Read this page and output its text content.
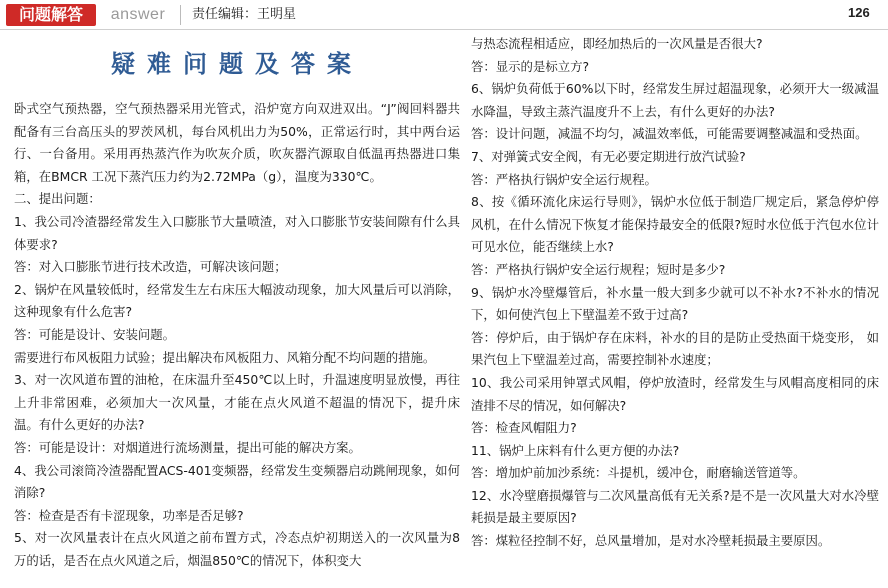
问题解答	answer	责任编辑：王明星	126
疑难问题及答案

卧式空气预热器，空气预热器采用光管式，沿炉宽方向双进双出。“J”阀回料器共配备有三台高压头的罗茨风机，每台风机出力为50%，正常运行时，其中两台运行、一台备用。采用再热蒸汽作为吹灰介质，吹灰器汽源取自低温再热器进口集箱，在BMCR 工况下蒸汽压力约为2.72MPa（g），温度为330℃。

二、提出问题：

1、我公司冷渣器经常发生入口膨胀节大量喷渣，对入口膨胀节安装间隙有什么具体要求?

答：对入口膨胀节进行技术改造，可解决该问题；

2、锅炉在风量较低时，经常发生左右床压大幅波动现象，加大风量后可以消除，这种现象有什么危害?

答：可能是设计、安装问题。

需要进行布风板阻力试验；提出解决布风板阻力、风箱分配不均问题的措施。

3、对一次风道布置的油枪，在床温升至450℃以上时，升温速度明显放慢，再往上升非常困难，必须加大一次风量，才能在点火风道不超温的情况下，提升床温。有什么更好的办法?

答：可能是设计：对烟道进行流场测量，提出可能的解决方案。

4、我公司滚筒冷渣器配置ACS-401变频器，经常发生变频器启动跳闸现象，如何消除?

答：检查是否有卡涩现象，功率是否足够?

5、对一次风量表计在点火风道之前布置方式，冷态点炉初期送入的一次风量为8万的话，是否在点火风道之后，烟温850℃的情况下，体积变大

与热态流程相适应，即经加热后的一次风量是否很大?

答：显示的是标立方?

6、锅炉负荷低于60%以下时，经常发生屏过超温现象，必须开大一级减温水降温，导致主蒸汽温度升不上去，有什么更好的办法?

答：设计问题，减温不均匀，减温效率低，可能需要调整减温和受热面。

7、对弹簧式安全阀，有无必要定期进行放汽试验?

答：严格执行锅炉安全运行规程。

8、按《循环流化床运行导则》，锅炉水位低于制造厂规定后，紧急停炉停风机，在什么情况下恢复才能保持最安全的低限?短时水位低于汽包水位计可见水位，能否继续上水?

答：严格执行锅炉安全运行规程；短时是多少?

9、锅炉水冷壁爆管后，补水量一般大到多少就可以不补水?不补水的情况下，如何使汽包上下壁温差不致于过高?

答：停炉后，由于锅炉存在床料，补水的目的是防止受热面干烧变形， 如果汽包上下壁温差过高，需要控制补水速度；

10、我公司采用钟罩式风帽，停炉放渣时，经常发生与风帽高度相同的床渣排不尽的情况，如何解决?

答：检查风帽阻力?

11、锅炉上床料有什么更方便的办法?

答：增加炉前加沙系统：斗提机，缓冲仓，耐磨输送管道等。

12、水冷壁磨损爆管与二次风量高低有无关系?是不是一次风量大对水冷壁耗损是最主要原因?

答：煤粒径控制不好，总风量增加，是对水冷壁耗损最主要原因。
